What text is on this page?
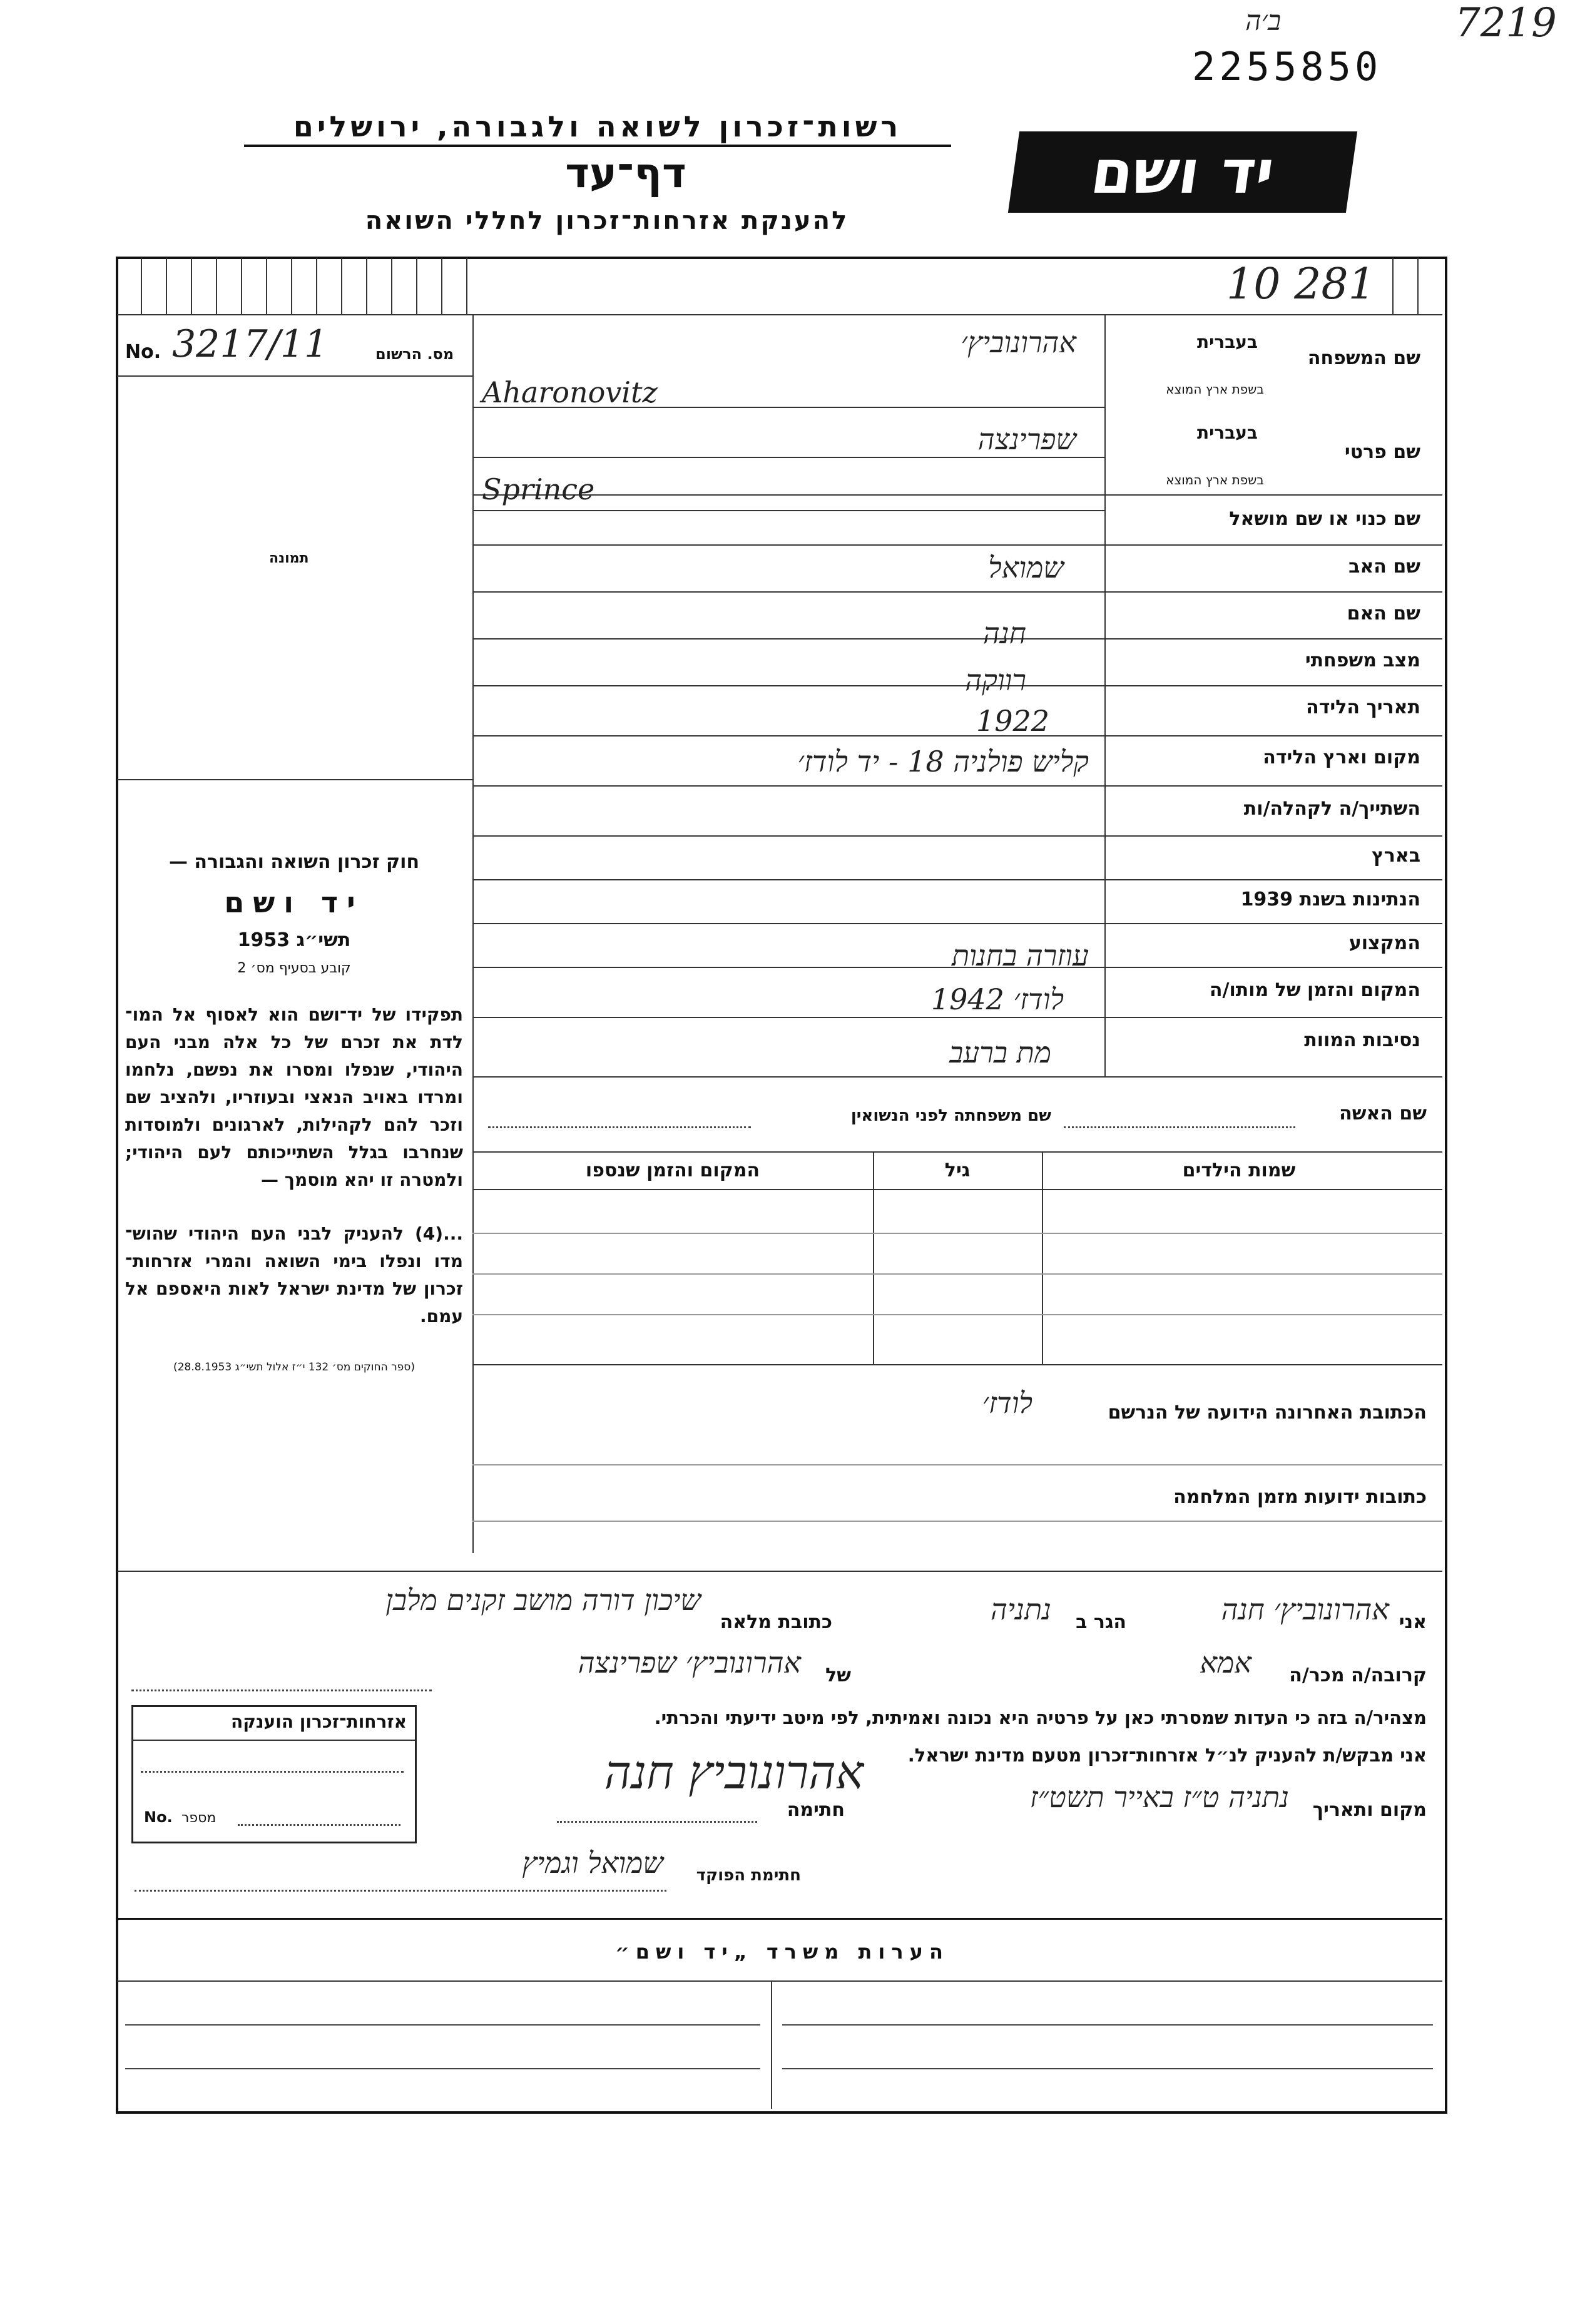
7219
ב׳ה
2255850
רשות־זכרון לשואה ולגבורה, ירושלים
דף־עד
להענקת אזרחות־זכרון לחללי השואה
יד ושם
10 281
No. 3217/11	מס. הרשום
תמונה
חוק זכרון השואה והגבורה —
יד ושם
תשי״ג 1953
קובע בסעיף מס׳ 2
תפקידו של יד־ושם הוא לאסוף אל המו־ לדת את זכרם של כל אלה מבני העם היהודי, שנפלו ומסרו את נפשם, נלחמו ומרדו באויב הנאצי ובעוזריו, ולהציב שם וזכר להם לקהילות, לארגונים ולמוסדות שנחרבו בגלל השתייכותם לעם היהודי; ולמטרה זו יהא מוסמך —
...(4) להעניק לבני העם היהודי שהוש־ מדו ונפלו בימי השואה והמרי אזרחות־ זכרון של מדינת ישראל לאות היאספם אל עמם.
(ספר החוקים מס׳ 132 י״ז אלול תשי״ג 28.8.1953)
שם המשפחה
בעברית
בשפת ארץ המוצא
אהרונוביץ׳
Aharonovitz
שם פרטי
בעברית
בשפת ארץ המוצא
שפרינצה
Sprince
שם כנוי או שם מושאל
שם האב
שמואל
שם האם
חנה
מצב משפחתי
רווקה
תאריך הלידה
1922
מקום וארץ הלידה
קליש פולניה 18 - יד לודז׳
השתייך/ה לקהלה/ות
בארץ
הנתינות בשנת 1939
המקצוע
עוזרה בחנות
המקום והזמן של מותו/ה
לודז׳ 1942
נסיבות המוות
מת ברעב
שם האשה
שם משפחתה לפני הנשואין
שמות הילדים
גיל
המקום והזמן שנספו
הכתובת האחרונה הידועה של הנרשם
לודז׳
כתובות ידועות מזמן המלחמה
אני
אהרונוביץ׳ חנה
הגר ב
נתניה
כתובת מלאה
שיכון דורה מושב זקנים מלבן
קרובה/ה מכר/ה
אמא
של
אהרונוביץ׳ שפרינצה
מצהיר/ה בזה כי העדות שמסרתי כאן על פרטיה היא נכונה ואמיתית, לפי מיטב ידיעתי והכרתי.
אני מבקש/ת להעניק לנ״ל אזרחות־זכרון מטעם מדינת ישראל.
אהרונוביץ חנה
מקום ותאריך
נתניה ט״ז באייר תשט״ז
חתימה
חתימת הפוקד
שמואל וגמיץ
אזרחות־זכרון הוענקה
No. מספר
הערות משרד „יד ושם״
